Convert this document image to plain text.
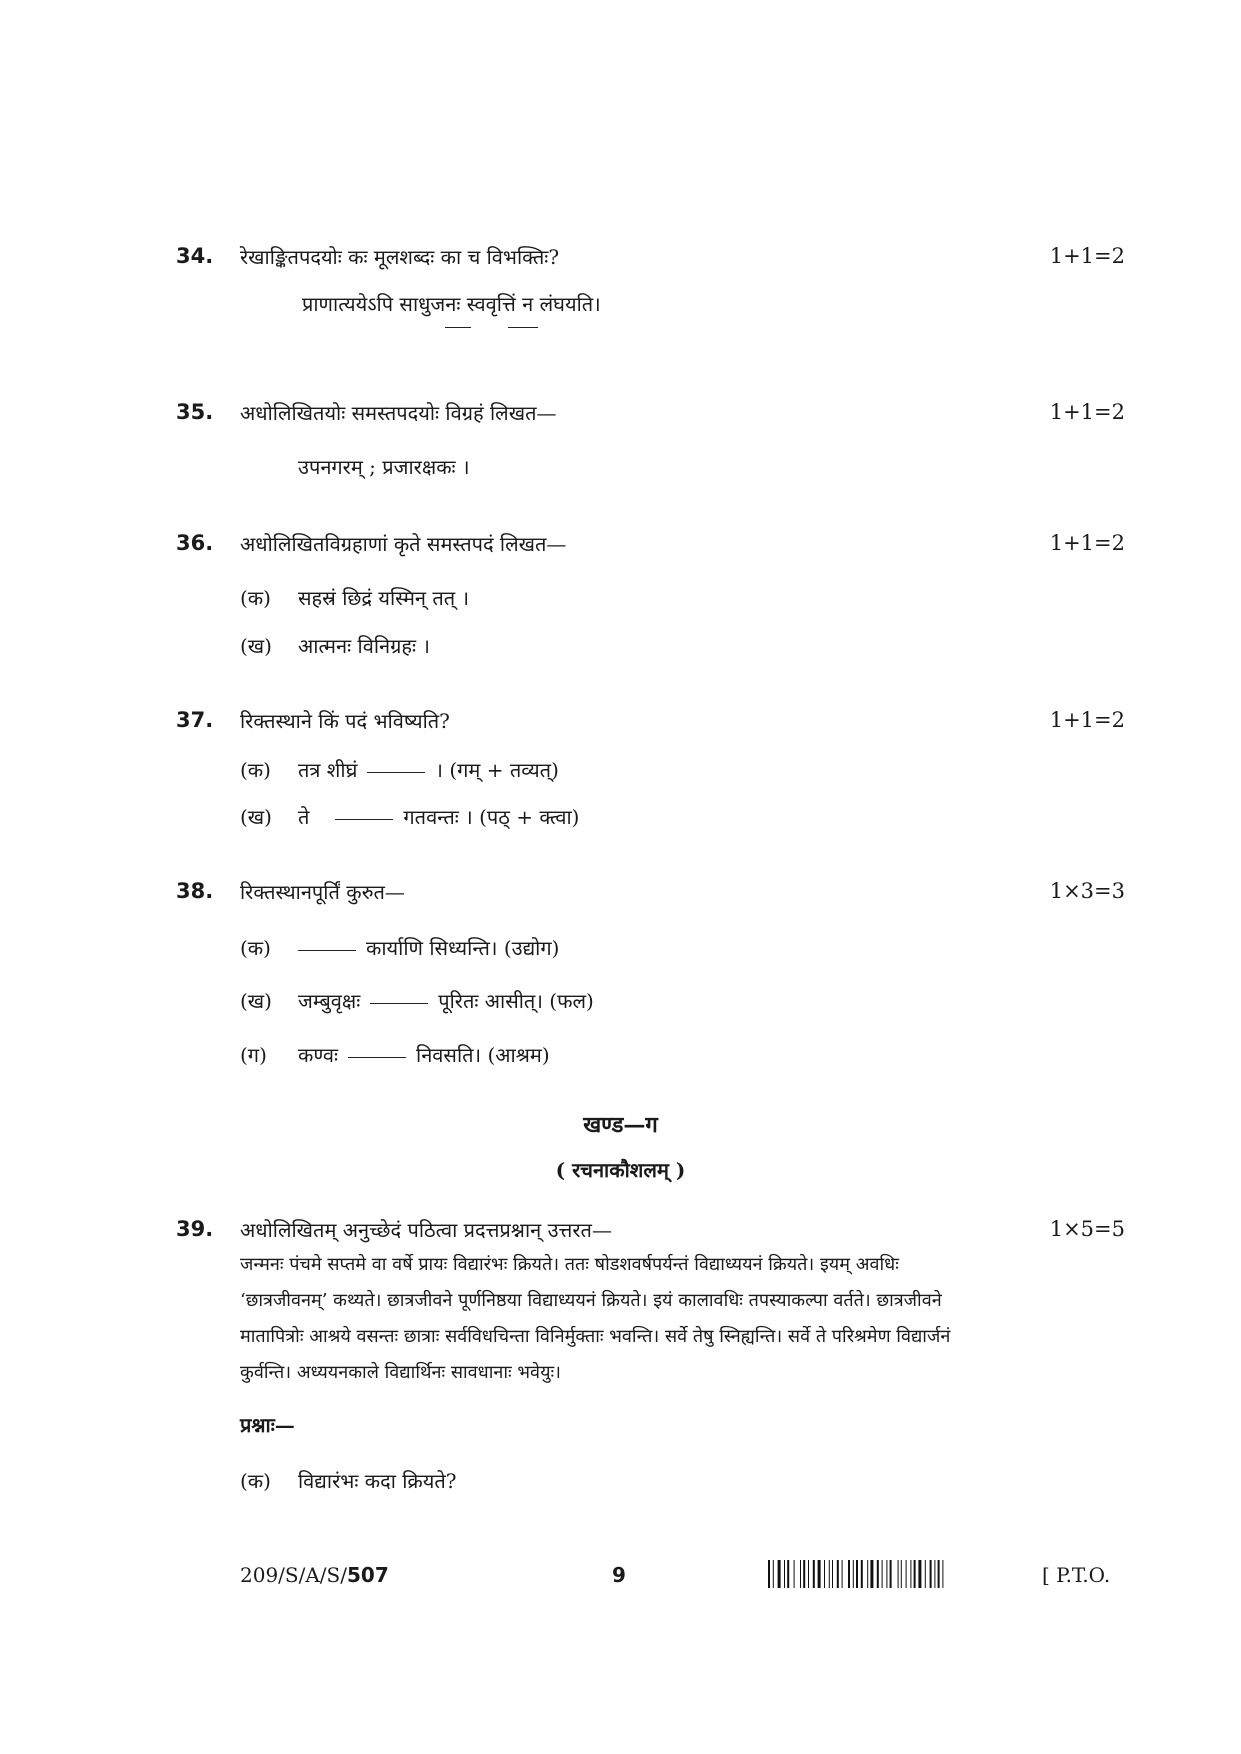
34. रेखाङ्कितपदयोः कः मूलशब्दः का च विभक्तिः?	1+1=2
प्राणात्ययेऽपि साधुजनः स्ववृत्तिं न लंघयति।
35. अधोलिखितयोः समस्तपदयोः विग्रहं लिखत—	1+1=2
उपनगरम् ; प्रजारक्षकः ।
36. अधोलिखितविग्रहाणां कृते समस्तपदं लिखत—	1+1=2
(क) सहस्रं छिद्रं यस्मिन् तत् ।
(ख) आत्मनः विनिग्रहः ।
37. रिक्तस्थाने किं पदं भविष्यति?	1+1=2
(क) तत्र शीघ्रं	। (गम् + तव्यत्)
(ख) ते	गतवन्तः । (पठ् + क्त्वा)
38. रिक्तस्थानपूर्तिं कुरुत—	1×3=3
(क)	कार्याणि सिध्यन्ति। (उद्योग)
(ख) जम्बुवृक्षः	पूरितः आसीत्। (फल)
(ग) कण्वः	निवसति। (आश्रम)
खण्ड—ग
( रचनाकौशलम् )
39. अधोलिखितम् अनुच्छेदं पठित्वा प्रदत्तप्रश्नान् उत्तरत—	1×5=5
जन्मनः पंचमे सप्तमे वा वर्षे प्रायः विद्यारंभः क्रियते। ततः षोडशवर्षपर्यन्तं विद्याध्ययनं क्रियते। इयम् अवधिः
‘छात्रजीवनम्’ कथ्यते। छात्रजीवने पूर्णनिष्ठया विद्याध्ययनं क्रियते। इयं कालावधिः तपस्याकल्पा वर्तते। छात्रजीवने
मातापित्रोः आश्रये वसन्तः छात्राः सर्वविधचिन्ता विनिर्मुक्ताः भवन्ति। सर्वे तेषु स्निह्यन्ति। सर्वे ते परिश्रमेण विद्यार्जनं
कुर्वन्ति। अध्ययनकाले विद्यार्थिनः सावधानाः भवेयुः।
प्रश्नाः—
(क) विद्यारंभः कदा क्रियते?
209/S/A/S/507	9	[ P.T.O.
